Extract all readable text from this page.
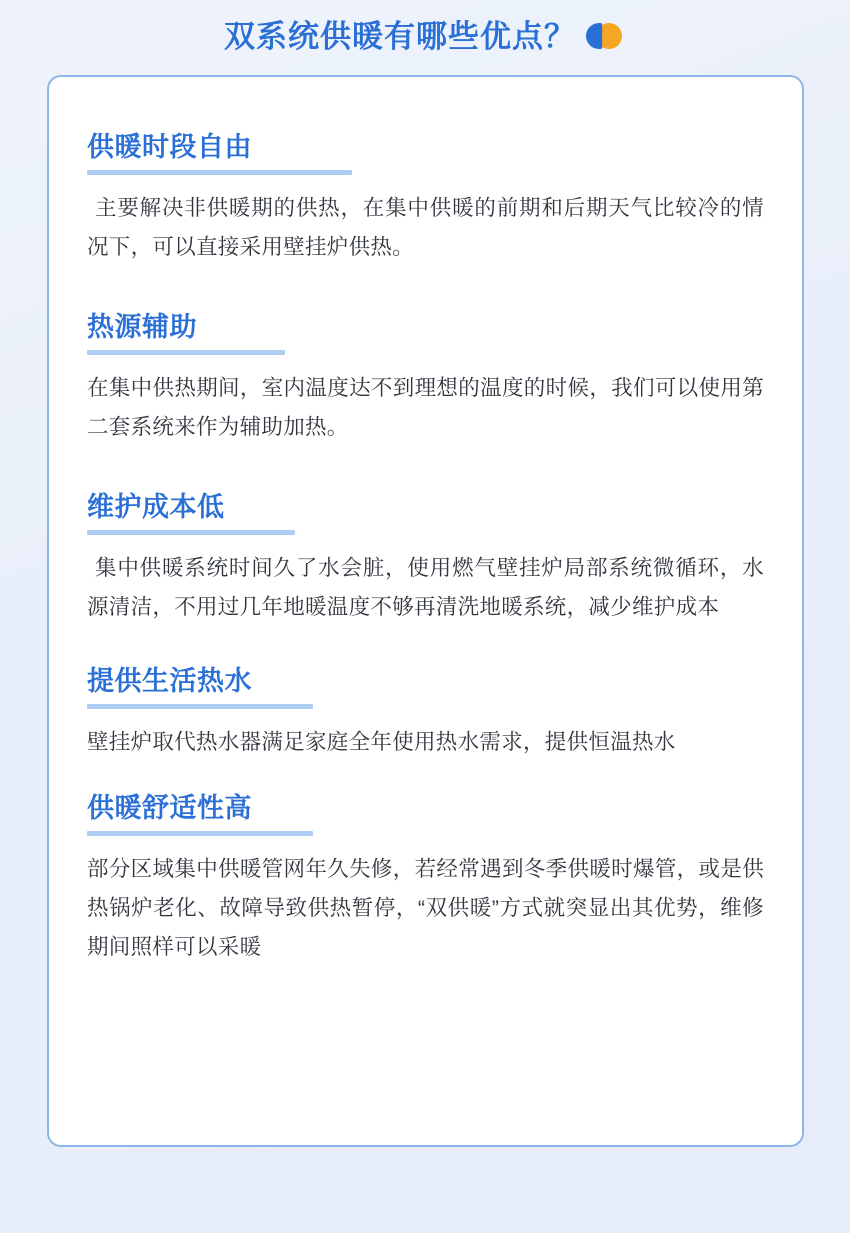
双系统供暖有哪些优点？
供暖时段自由
主要解决非供暖期的供热，在集中供暖的前期和后期天气比较冷的情况下，可以直接采用壁挂炉供热。
热源辅助
在集中供热期间，室内温度达不到理想的温度的时候，我们可以使用第二套系统来作为辅助加热。
维护成本低
集中供暖系统时间久了水会脏，使用燃气壁挂炉局部系统微循环，水源清洁，不用过几年地暖温度不够再清洗地暖系统，减少维护成本
提供生活热水
壁挂炉取代热水器满足家庭全年使用热水需求，提供恒温热水
供暖舒适性高
部分区域集中供暖管网年久失修，若经常遇到冬季供暖时爆管，或是供热锅炉老化、故障导致供热暂停，“双供暖”方式就突显出其优势，维修期间照样可以采暖
